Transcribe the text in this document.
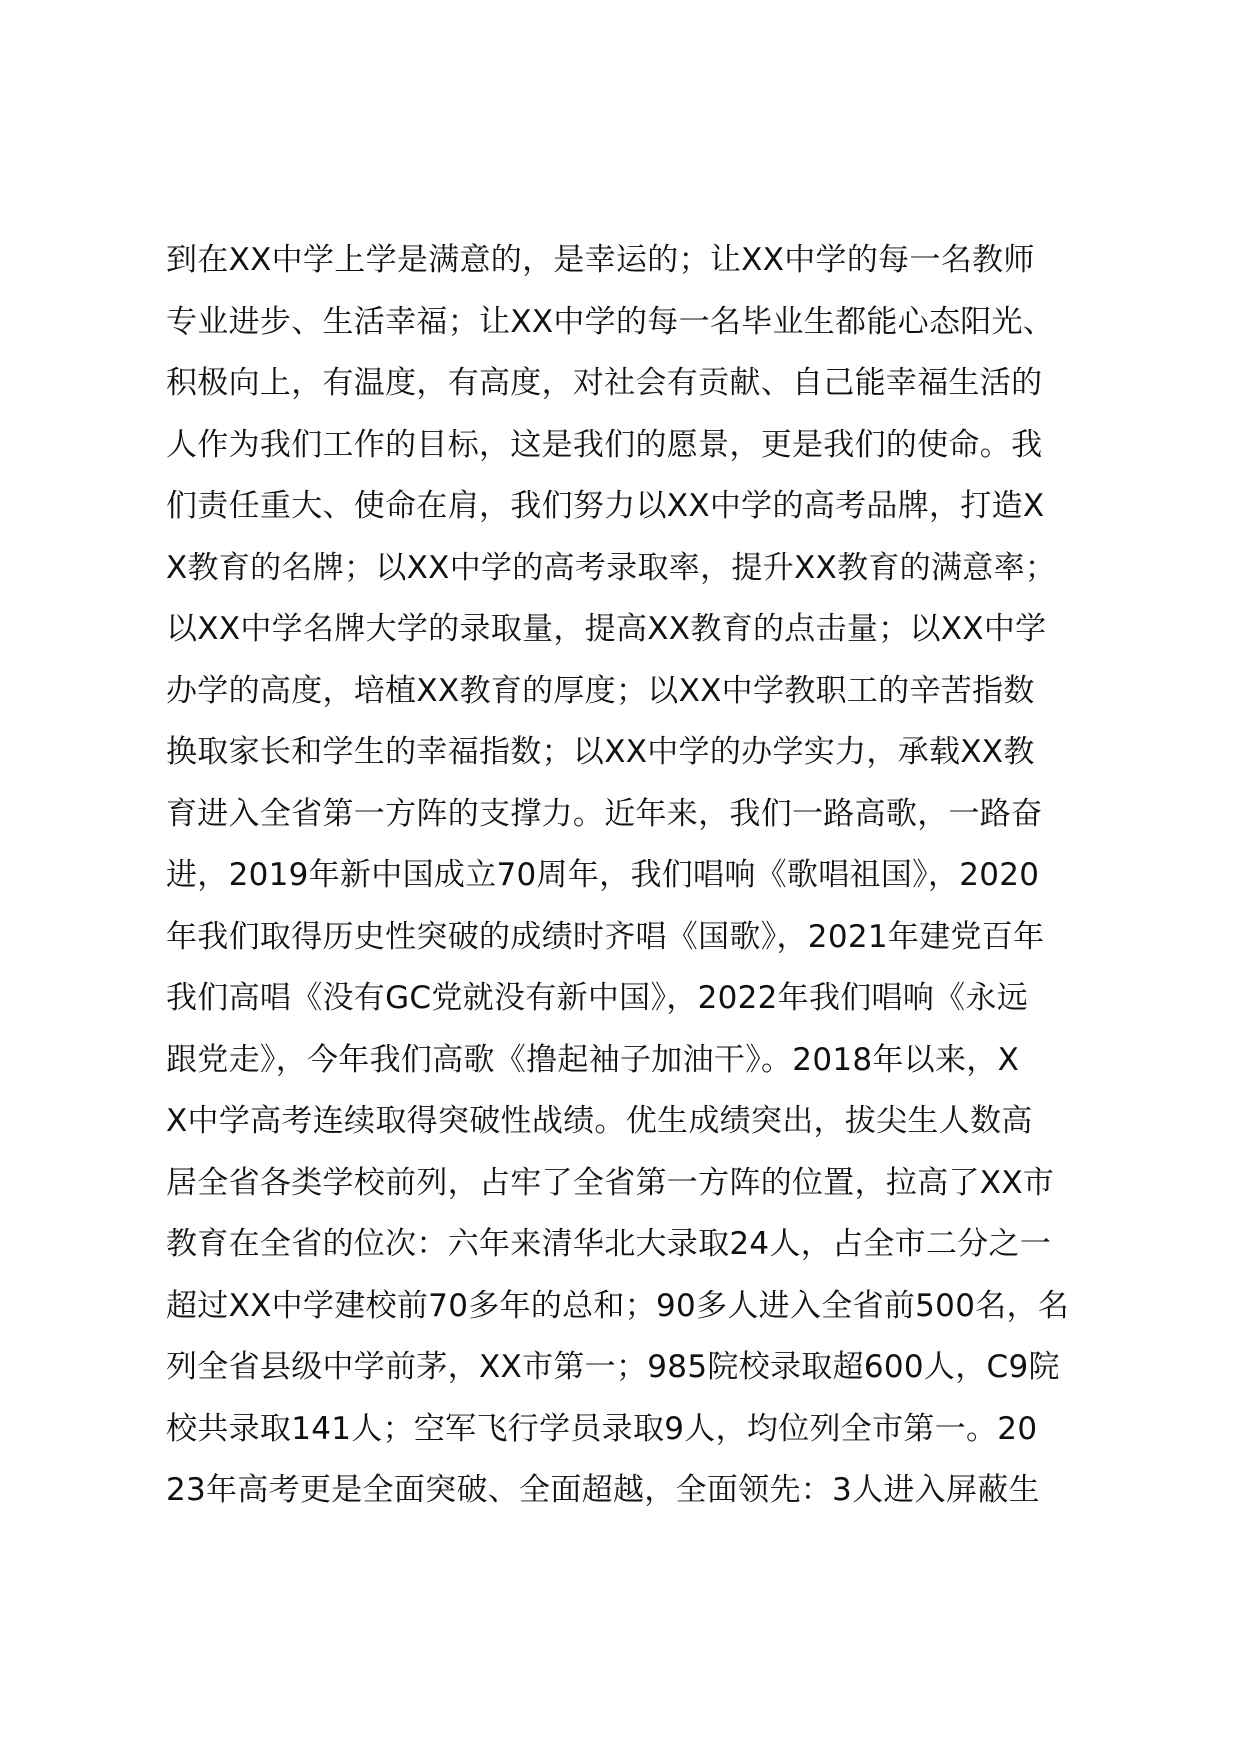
到在XX中学上学是满意的，是幸运的；让XX中学的每一名教师
专业进步、生活幸福；让XX中学的每一名毕业生都能心态阳光、
积极向上，有温度，有高度，对社会有贡献、自己能幸福生活的
人作为我们工作的目标，这是我们的愿景，更是我们的使命。我
们责任重大、使命在肩，我们努力以XX中学的高考品牌，打造X
X教育的名牌；以XX中学的高考录取率，提升XX教育的满意率；
以XX中学名牌大学的录取量，提高XX教育的点击量；以XX中学
办学的高度，培植XX教育的厚度；以XX中学教职工的辛苦指数
换取家长和学生的幸福指数；以XX中学的办学实力，承载XX教
育进入全省第一方阵的支撑力。近年来，我们一路高歌，一路奋
进，2019年新中国成立70周年，我们唱响《歌唱祖国》，2020
年我们取得历史性突破的成绩时齐唱《国歌》，2021年建党百年
我们高唱《没有GC党就没有新中国》，2022年我们唱响《永远
跟党走》，今年我们高歌《撸起袖子加油干》。2018年以来，X
X中学高考连续取得突破性战绩。优生成绩突出，拔尖生人数高
居全省各类学校前列，占牢了全省第一方阵的位置，拉高了XX市
教育在全省的位次：六年来清华北大录取24人，占全市二分之一
超过XX中学建校前70多年的总和；90多人进入全省前500名，名
列全省县级中学前茅，XX市第一；985院校录取超600人，C9院
校共录取141人；空军飞行学员录取9人，均位列全市第一。20
23年高考更是全面突破、全面超越，全面领先：3人进入屏蔽生
